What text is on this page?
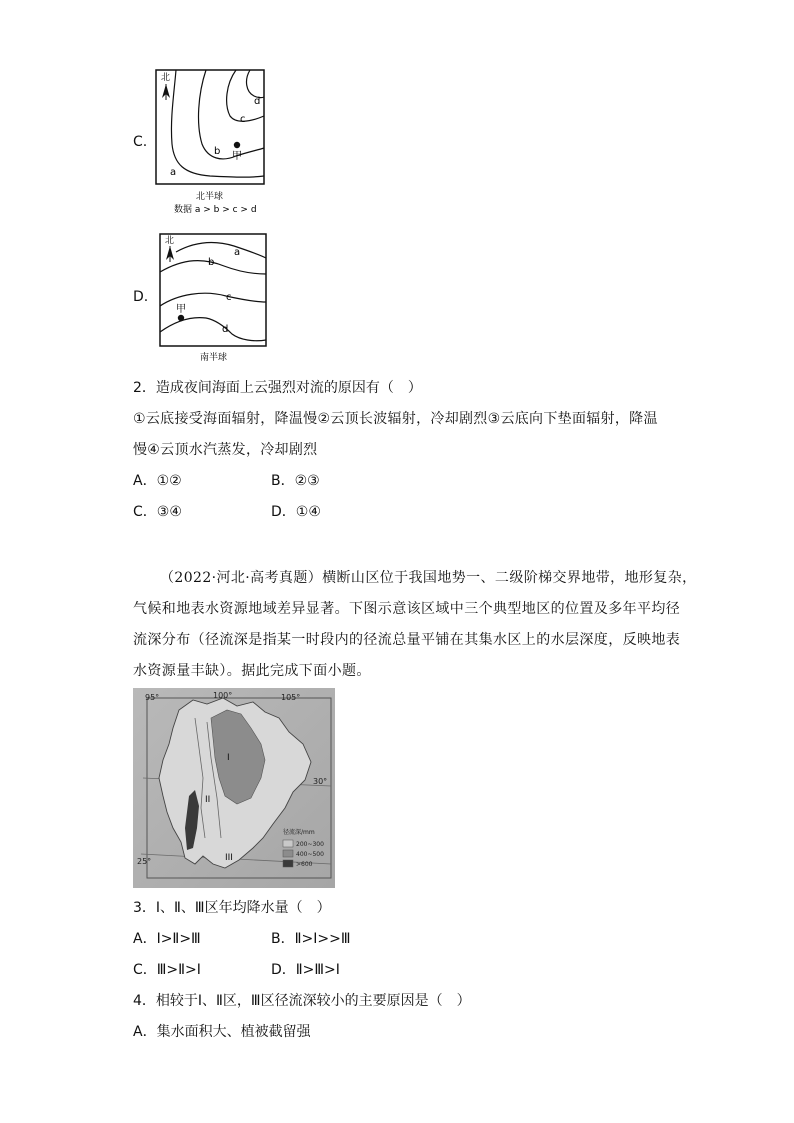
C.
北
a
b
c
d
甲
北半球
数据 a > b > c > d
D.
北
a
b
c
d
甲
南半球
2．造成夜间海面上云强烈对流的原因有（　）
①云底接受海面辐射，降温慢②云顶长波辐射，冷却剧烈③云底向下垫面辐射，降温
慢④云顶水汽蒸发，冷却剧烈
A．①②	B．②③
C．③④	D．①④
（2022·河北·高考真题）横断山区位于我国地势一、二级阶梯交界地带，地形复杂，
气候和地表水资源地域差异显著。下图示意该区域中三个典型地区的位置及多年平均径
流深分布（径流深是指某一时段内的径流总量平铺在其集水区上的水层深度，反映地表
水资源量丰缺）。据此完成下面小题。
95°	100°	105°
30°
25°
I
II
III
径流深/mm
200~300
400~500
>600
3．Ⅰ、Ⅱ、Ⅲ区年均降水量（　）
A．Ⅰ>Ⅱ>Ⅲ	B．Ⅱ>Ⅰ>>Ⅲ
C．Ⅲ>Ⅱ>Ⅰ	D．Ⅱ>Ⅲ>Ⅰ
4．相较于Ⅰ、Ⅱ区，Ⅲ区径流深较小的主要原因是（　）
A．集水面积大、植被截留强
